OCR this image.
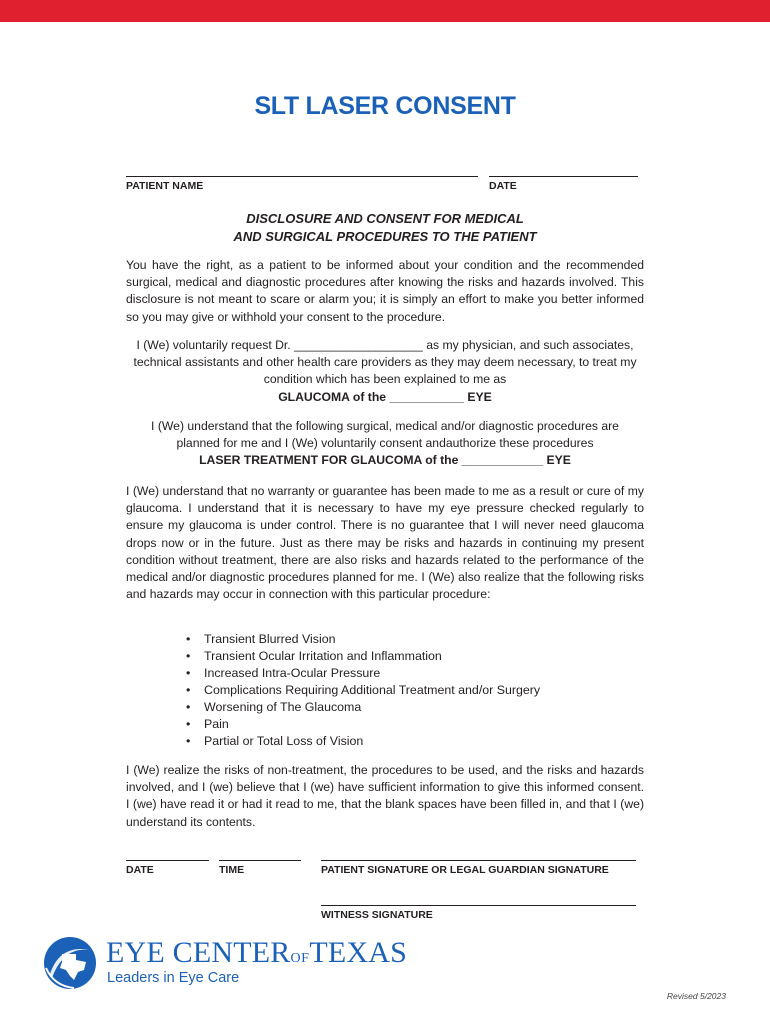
SLT LASER CONSENT
PATIENT NAME	DATE
DISCLOSURE AND CONSENT FOR MEDICAL
AND SURGICAL PROCEDURES TO THE PATIENT
You have the right, as a patient to be informed about your condition and the recommended surgical, medical and diagnostic procedures after knowing the risks and hazards involved. This disclosure is not meant to scare or alarm you; it is simply an effort to make you better informed so you may give or withhold your consent to the procedure.
I (We) voluntarily request Dr. ___________________ as my physician, and such associates, technical assistants and other health care providers as they may deem necessary, to treat my condition which has been explained to me as
GLAUCOMA of the ___________ EYE
I (We) understand that the following surgical, medical and/or diagnostic procedures are planned for me and I (We) voluntarily consent andauthorize these procedures
LASER TREATMENT FOR GLAUCOMA of the ____________ EYE
I (We) understand that no warranty or guarantee has been made to me as a result or cure of my glaucoma. I understand that it is necessary to have my eye pressure checked regularly to ensure my glaucoma is under control. There is no guarantee that I will never need glaucoma drops now or in the future. Just as there may be risks and hazards in continuing my present condition without treatment, there are also risks and hazards related to the performance of the medical and/or diagnostic procedures planned for me. I (We) also realize that the following risks and hazards may occur in connection with this particular procedure:
• Transient Blurred Vision
• Transient Ocular Irritation and Inflammation
• Increased Intra-Ocular Pressure
• Complications Requiring Additional Treatment and/or Surgery
• Worsening of The Glaucoma
• Pain
• Partial or Total Loss of Vision
I (We) realize the risks of non-treatment, the procedures to be used, and the risks and hazards involved, and I (we) believe that I (we) have sufficient information to give this informed consent. I (we) have read it or had it read to me, that the blank spaces have been filled in, and that I (we) understand its contents.
DATE	TIME	PATIENT SIGNATURE OR LEGAL GUARDIAN SIGNATURE
WITNESS SIGNATURE
EYE CENTEROFTEXAS
Leaders in Eye Care
Revised 5/2023
